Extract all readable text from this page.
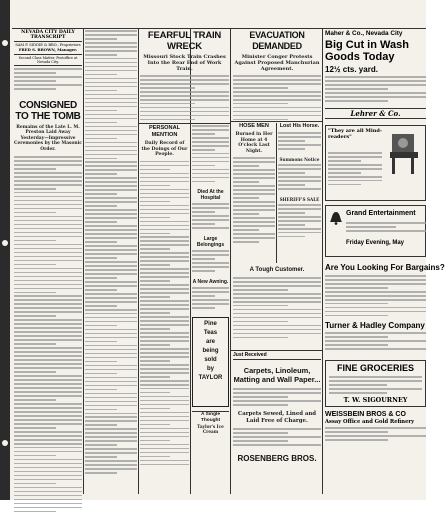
NEVADA CITY DAILY TRANSCRIPT
SAM P. SIDDIE & BRO., Proprietors
FRED S. BROWN, Manager.
Second Class Matter, Postoffice at Nevada City.
CONSIGNED TO THE TOMB
Remains of the Late L. M. Preston Laid Away Yesterday—Impressive Ceremonies by the Masonic Order.
FEARFUL TRAIN WRECK
Missouri Stock Train Crashes Into the Rear End of Work Train.
PERSONAL MENTION
Daily Record of the Doings of Our People.
Died At the Hospital
Large Belongings
A New Awning.
Pine
Teas
are
being
sold
by
TAYLOR
A Single Thought
Taylor's Ice Cream
EVACUATION DEMANDED
Minister Conger Protests Against Proposed Manchurian Agreement.
HOSE MEN
Burned in Her Home at 4 O'clock Last Night.
Lost His Horse.
Summons Notice
SHERIFF'S SALE
A Tough Customer.
Just Received
Carpets, Linoleum, Matting and Wall Paper...
Carpets Sewed, Lined and Laid Free of Charge.
ROSENBERG BROS.
Maher & Co., Nevada City
Big Cut in Wash Goods Today
12½ cts. yard.
Lehrer & Co.
"They are all Mind-readers"
Grand Entertainment
Friday Evening, May
Are You Looking For Bargains?
Turner & Hadley Company
FINE GROCERIES
T. W. SIGOURNEY
WEISSBEIN BROS & CO
Assay Office and Gold Refinery
